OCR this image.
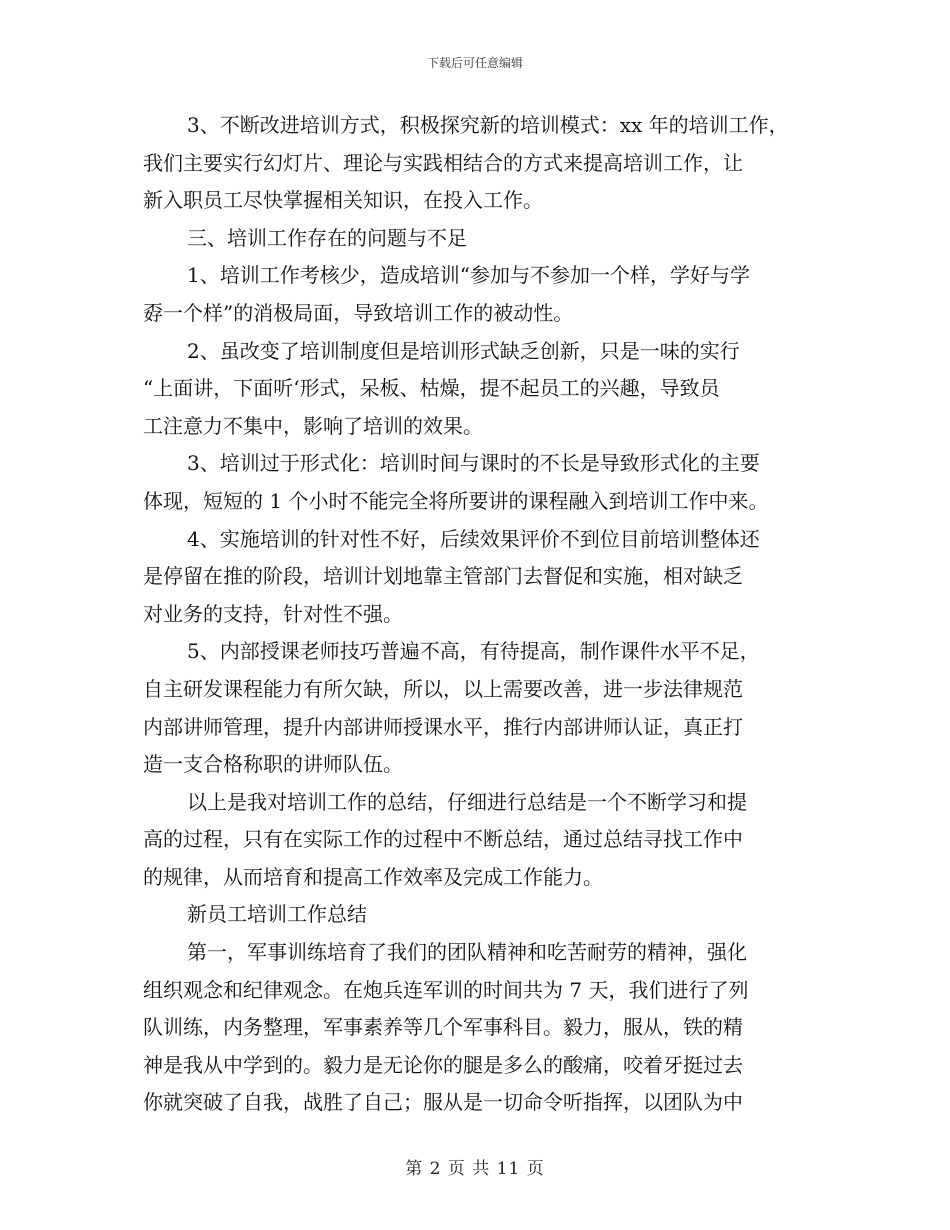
下载后可任意编辑
3、不断改进培训方式，积极探究新的培训模式：xx 年的培训工作，
我们主要实行幻灯片、理论与实践相结合的方式来提高培训工作，让
新入职员工尽快掌握相关知识，在投入工作。
三、培训工作存在的问题与不足
1、培训工作考核少，造成培训“参加与不参加一个样，学好与学
孬一个样”的消极局面，导致培训工作的被动性。
2、虽改变了培训制度但是培训形式缺乏创新，只是一味的实行
“上面讲，下面听‘形式，呆板、枯燥，提不起员工的兴趣，导致员
工注意力不集中，影响了培训的效果。
3、培训过于形式化：培训时间与课时的不长是导致形式化的主要
体现，短短的 1 个小时不能完全将所要讲的课程融入到培训工作中来。
4、实施培训的针对性不好，后续效果评价不到位目前培训整体还
是停留在推的阶段，培训计划地靠主管部门去督促和实施，相对缺乏
对业务的支持，针对性不强。
5、内部授课老师技巧普遍不高，有待提高，制作课件水平不足，
自主研发课程能力有所欠缺，所以，以上需要改善，进一步法律规范
内部讲师管理，提升内部讲师授课水平，推行内部讲师认证，真正打
造一支合格称职的讲师队伍。
以上是我对培训工作的总结，仔细进行总结是一个不断学习和提
高的过程，只有在实际工作的过程中不断总结，通过总结寻找工作中
的规律，从而培育和提高工作效率及完成工作能力。
新员工培训工作总结
第一，军事训练培育了我们的团队精神和吃苦耐劳的精神，强化
组织观念和纪律观念。在炮兵连军训的时间共为 7 天，我们进行了列
队训练，内务整理，军事素养等几个军事科目。毅力，服从，铁的精
神是我从中学到的。毅力是无论你的腿是多么的酸痛，咬着牙挺过去
你就突破了自我，战胜了自己；服从是一切命令听指挥，以团队为中
第 2 页 共 11 页
